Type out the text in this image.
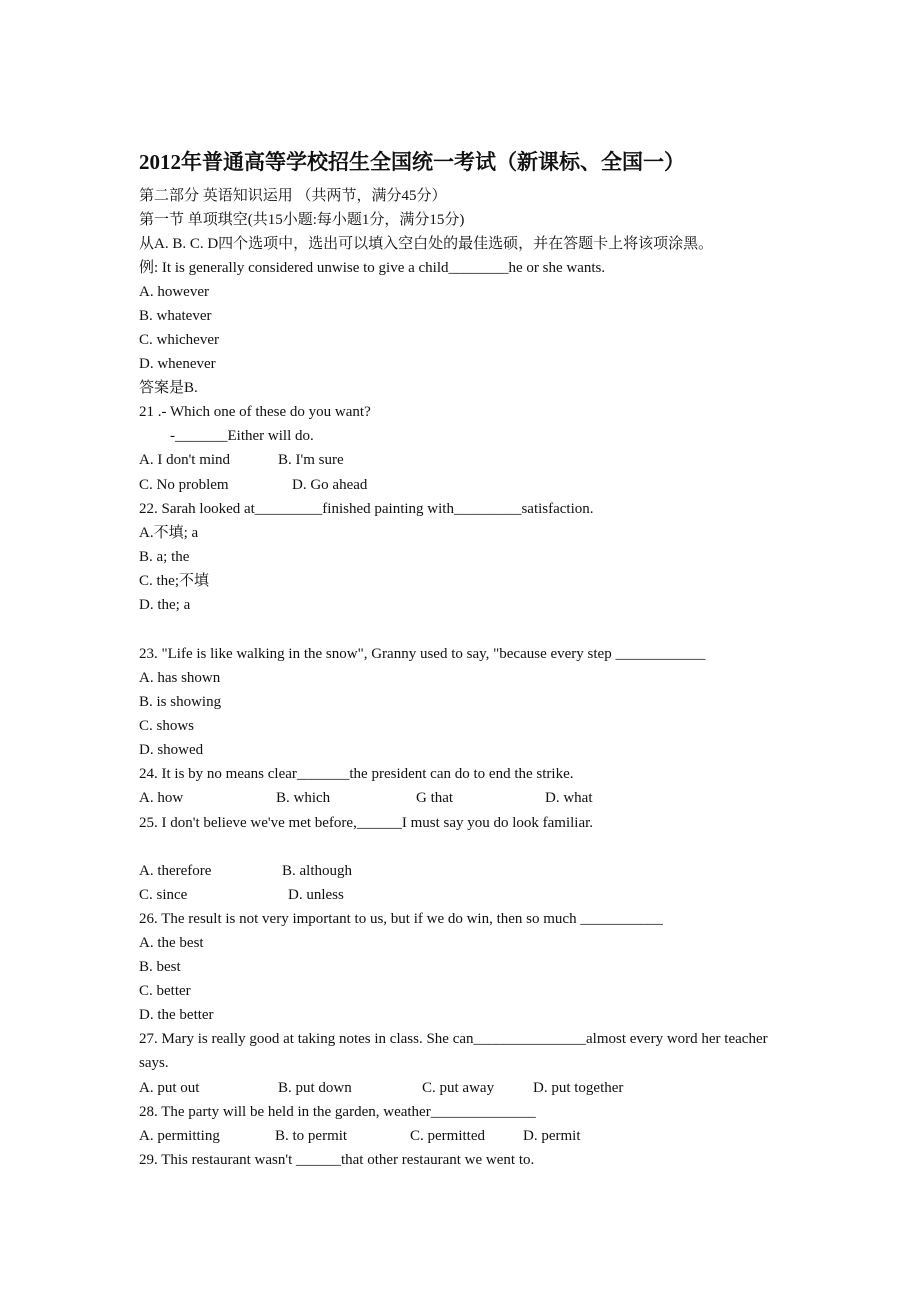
2012年普通高等学校招生全国统一考试（新课标、全国一）
第二部分 英语知识运用 （共两节，满分45分）
第一节 单项琪空(共15小题:每小题1分，满分15分)
从A. B. C. D四个选项中，选出可以填入空白处的最佳选硕，并在答题卡上将该项涂黑。
例: It is generally considered unwise to give a child________he or she wants.
A. however
B. whatever
C. whichever
D. whenever
答案是B.
21 .- Which one of these do you want?
-_______Either will do.
A. I don't mind	B. I'm sure
C. No problem	D. Go ahead
22. Sarah looked at_________finished painting with_________satisfaction.
A.不填; a
B. a; the
C. the;不填
D. the; a
23. "Life is like walking in the snow", Granny used to say, "because every step ____________
A. has shown
B. is showing
C. shows
D. showed
24. It is by no means clear_______the president can do to end the strike.
A. how	B. which	G that	D. what
25. I don't believe we've met before,______I must say you do look familiar.
A. therefore	B. although
C. since	D. unless
26. The result is not very important to us, but if we do win, then so much ___________
A. the best
B. best
C. better
D. the better
27. Mary is really good at taking notes in class. She can_______________almost every word her teacher says.
A. put out	B. put down	C. put away	D. put together
28. The party will be held in the garden, weather______________
A. permitting	B. to permit	C. permitted	D. permit
29. This restaurant wasn't ______that other restaurant we went to.
